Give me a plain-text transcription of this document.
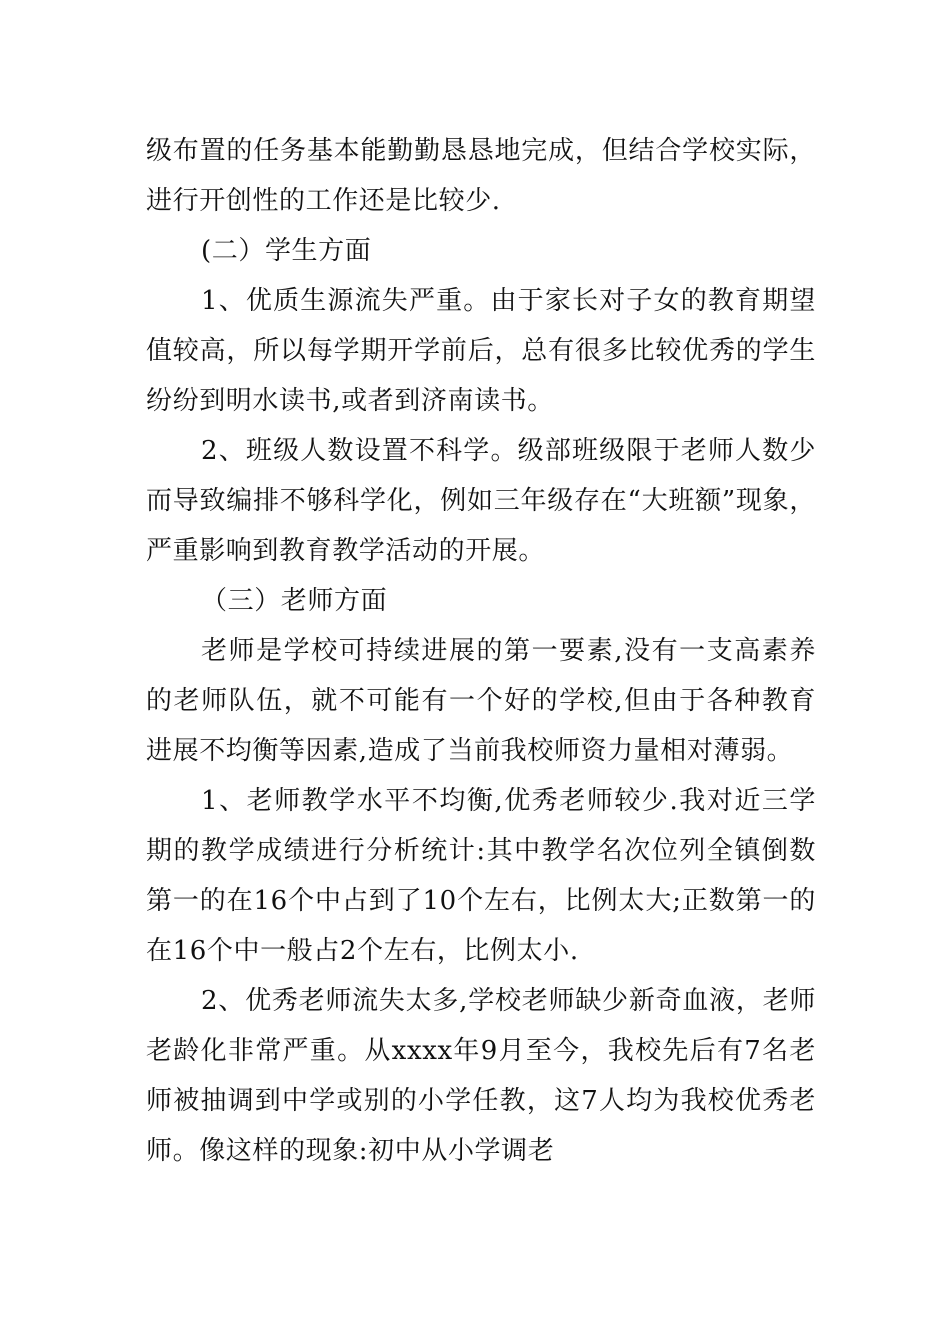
级布置的任务基本能勤勤恳恳地完成，但结合学校实际，进行开创性的工作还是比较少.

(二）学生方面

1、优质生源流失严重。由于家长对子女的教育期望值较高，所以每学期开学前后，总有很多比较优秀的学生纷纷到明水读书,或者到济南读书。

2、班级人数设置不科学。级部班级限于老师人数少而导致编排不够科学化，例如三年级存在“大班额”现象，严重影响到教育教学活动的开展。

（三）老师方面

老师是学校可持续进展的第一要素,没有一支高素养的老师队伍，就不可能有一个好的学校,但由于各种教育进展不均衡等因素,造成了当前我校师资力量相对薄弱。

1、老师教学水平不均衡,优秀老师较少.我对近三学期的教学成绩进行分析统计:其中教学名次位列全镇倒数第一的在16个中占到了10个左右，比例太大;正数第一的在16个中一般占2个左右，比例太小.

2、优秀老师流失太多,学校老师缺少新奇血液，老师老龄化非常严重。从xxxx年9月至今，我校先后有7名老师被抽调到中学或别的小学任教，这7人均为我校优秀老师。像这样的现象:初中从小学调老
